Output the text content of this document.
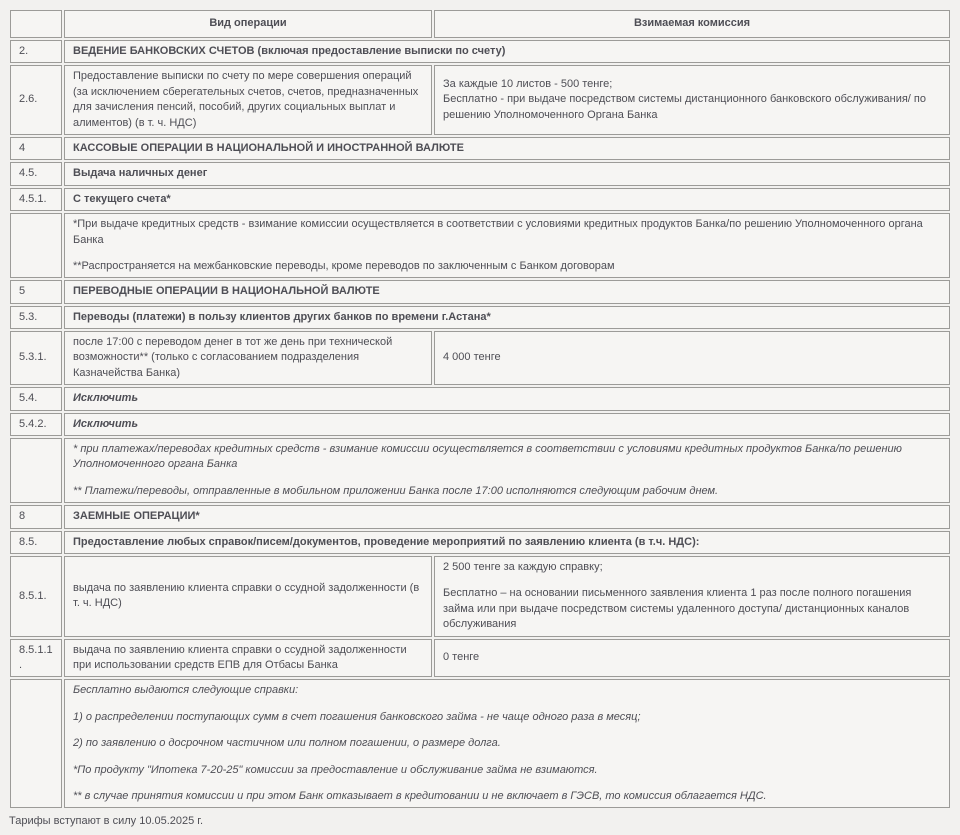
	Вид операции	Взимаемая комиссия
2.	ВЕДЕНИЕ БАНКОВСКИХ СЧЕТОВ (включая предоставление выписки по счету)	
2.6.	Предоставление выписки по счету по мере совершения операций (за исключением сберегательных счетов, счетов, предназначенных для зачисления пенсий, пособий, других социальных выплат и алиментов) (в т. ч. НДС)	За каждые 10 листов - 500 тенге;

Бесплатно - при выдаче посредством системы дистанционного банковского обслуживания/ по решению Уполномоченного Органа Банка

4	КАССОВЫЕ ОПЕРАЦИИ В НАЦИОНАЛЬНОЙ И ИНОСТРАННОЙ ВАЛЮТЕ	
4.5.	Выдача наличных денег	
4.5.1.	С текущего счета*	

	*При выдаче кредитных средств - взимание комиссии осуществляется в соответствии с условиями кредитных продуктов Банка/по решению Уполномоченного органа Банка

**Распространяется на межбанковские переводы, кроме переводов по заключенным с Банком договорам	

5	ПЕРЕВОДНЫЕ ОПЕРАЦИИ В НАЦИОНАЛЬНОЙ ВАЛЮТЕ	
5.3.	Переводы (платежи) в пользу клиентов других банков по времени г.Астана*	
5.3.1.	после 17:00 с переводом денег в тот же день при технической возможности** (только с согласованием подразделения Казначейства Банка)	4 000 тенге

5.4.	Исключить	
5.4.2.	Исключить	

	* при платежах/переводах кредитных средств - взимание комиссии осуществляется в соответствии с условиями кредитных продуктов Банка/по решению Уполномоченного органа Банка

** Платежи/переводы, отправленные в мобильном приложении Банка после 17:00 исполняются следующим рабочим днем.	

8	ЗАЕМНЫЕ ОПЕРАЦИИ*	
8.5.	Предоставление любых справок/писем/документов, проведение мероприятий по заявлению клиента (в т.ч. НДС):	
8.5.1.	выдача по заявлению клиента справки о ссудной задолженности (в т. ч. НДС)	2 500 тенге за каждую справку;

Бесплатно – на основании письменного заявления клиента 1 раз после полного погашения займа или при выдаче посредством системы удаленного доступа/ дистанционных каналов обслуживания

8.5.1.1.	выдача по заявлению клиента справки о ссудной задолженности при использовании средств ЕПВ для Отбасы Банка	0 тенге

	Бесплатно выдаются следующие справки:

1) о распределении поступающих сумм в счет погашения банковского займа - не чаще одного раза в месяц;

2) по заявлению о досрочном частичном или полном погашении, о размере долга.

*По продукту "Ипотека 7-20-25" комиссии за предоставление и обслуживание займа не взимаются.

** в случае принятия комиссии и при этом Банк отказывает в кредитовании и не включает в ГЭСВ, то комиссия облагается НДС.	

Тарифы вступают в силу 10.05.2025 г.
